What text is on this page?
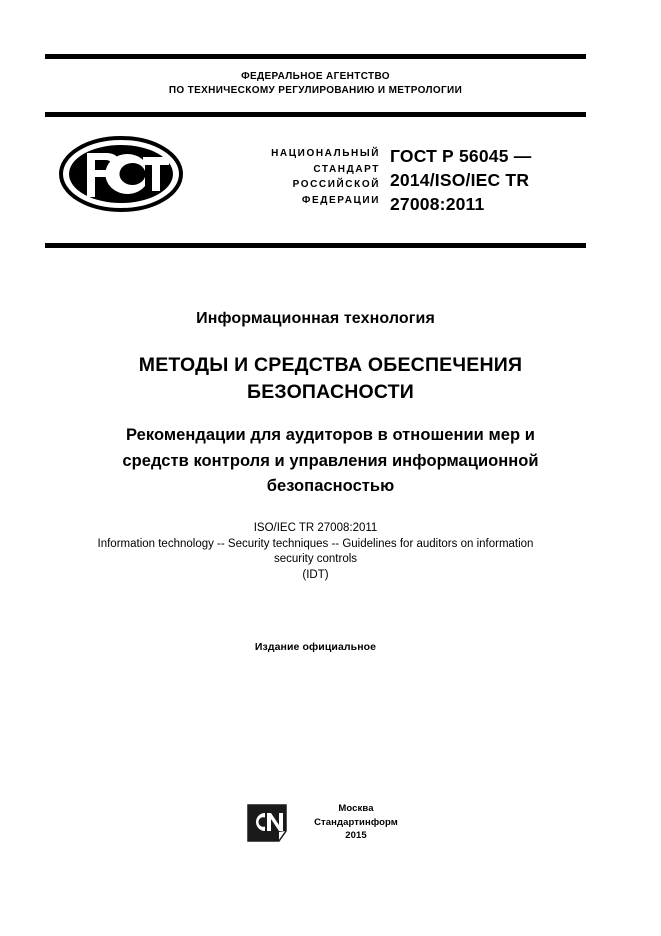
ФЕДЕРАЛЬНОЕ АГЕНТСТВО
ПО ТЕХНИЧЕСКОМУ РЕГУЛИРОВАНИЮ И МЕТРОЛОГИИ
НАЦИОНАЛЬНЫЙ
СТАНДАРТ
РОССИЙСКОЙ
ФЕДЕРАЦИИ
ГОСТ Р 56045 —
2014/ISO/IEC TR
27008:2011
Информационная технология
МЕТОДЫ И СРЕДСТВА ОБЕСПЕЧЕНИЯ
БЕЗОПАСНОСТИ
Рекомендации для аудиторов в отношении мер и
средств контроля и управления информационной
безопасностью
ISO/IEC TR 27008:2011
Information technology -- Security techniques -- Guidelines for auditors on information
security controls
(IDT)
Издание официальное
Москва
Стандартинформ
2015
